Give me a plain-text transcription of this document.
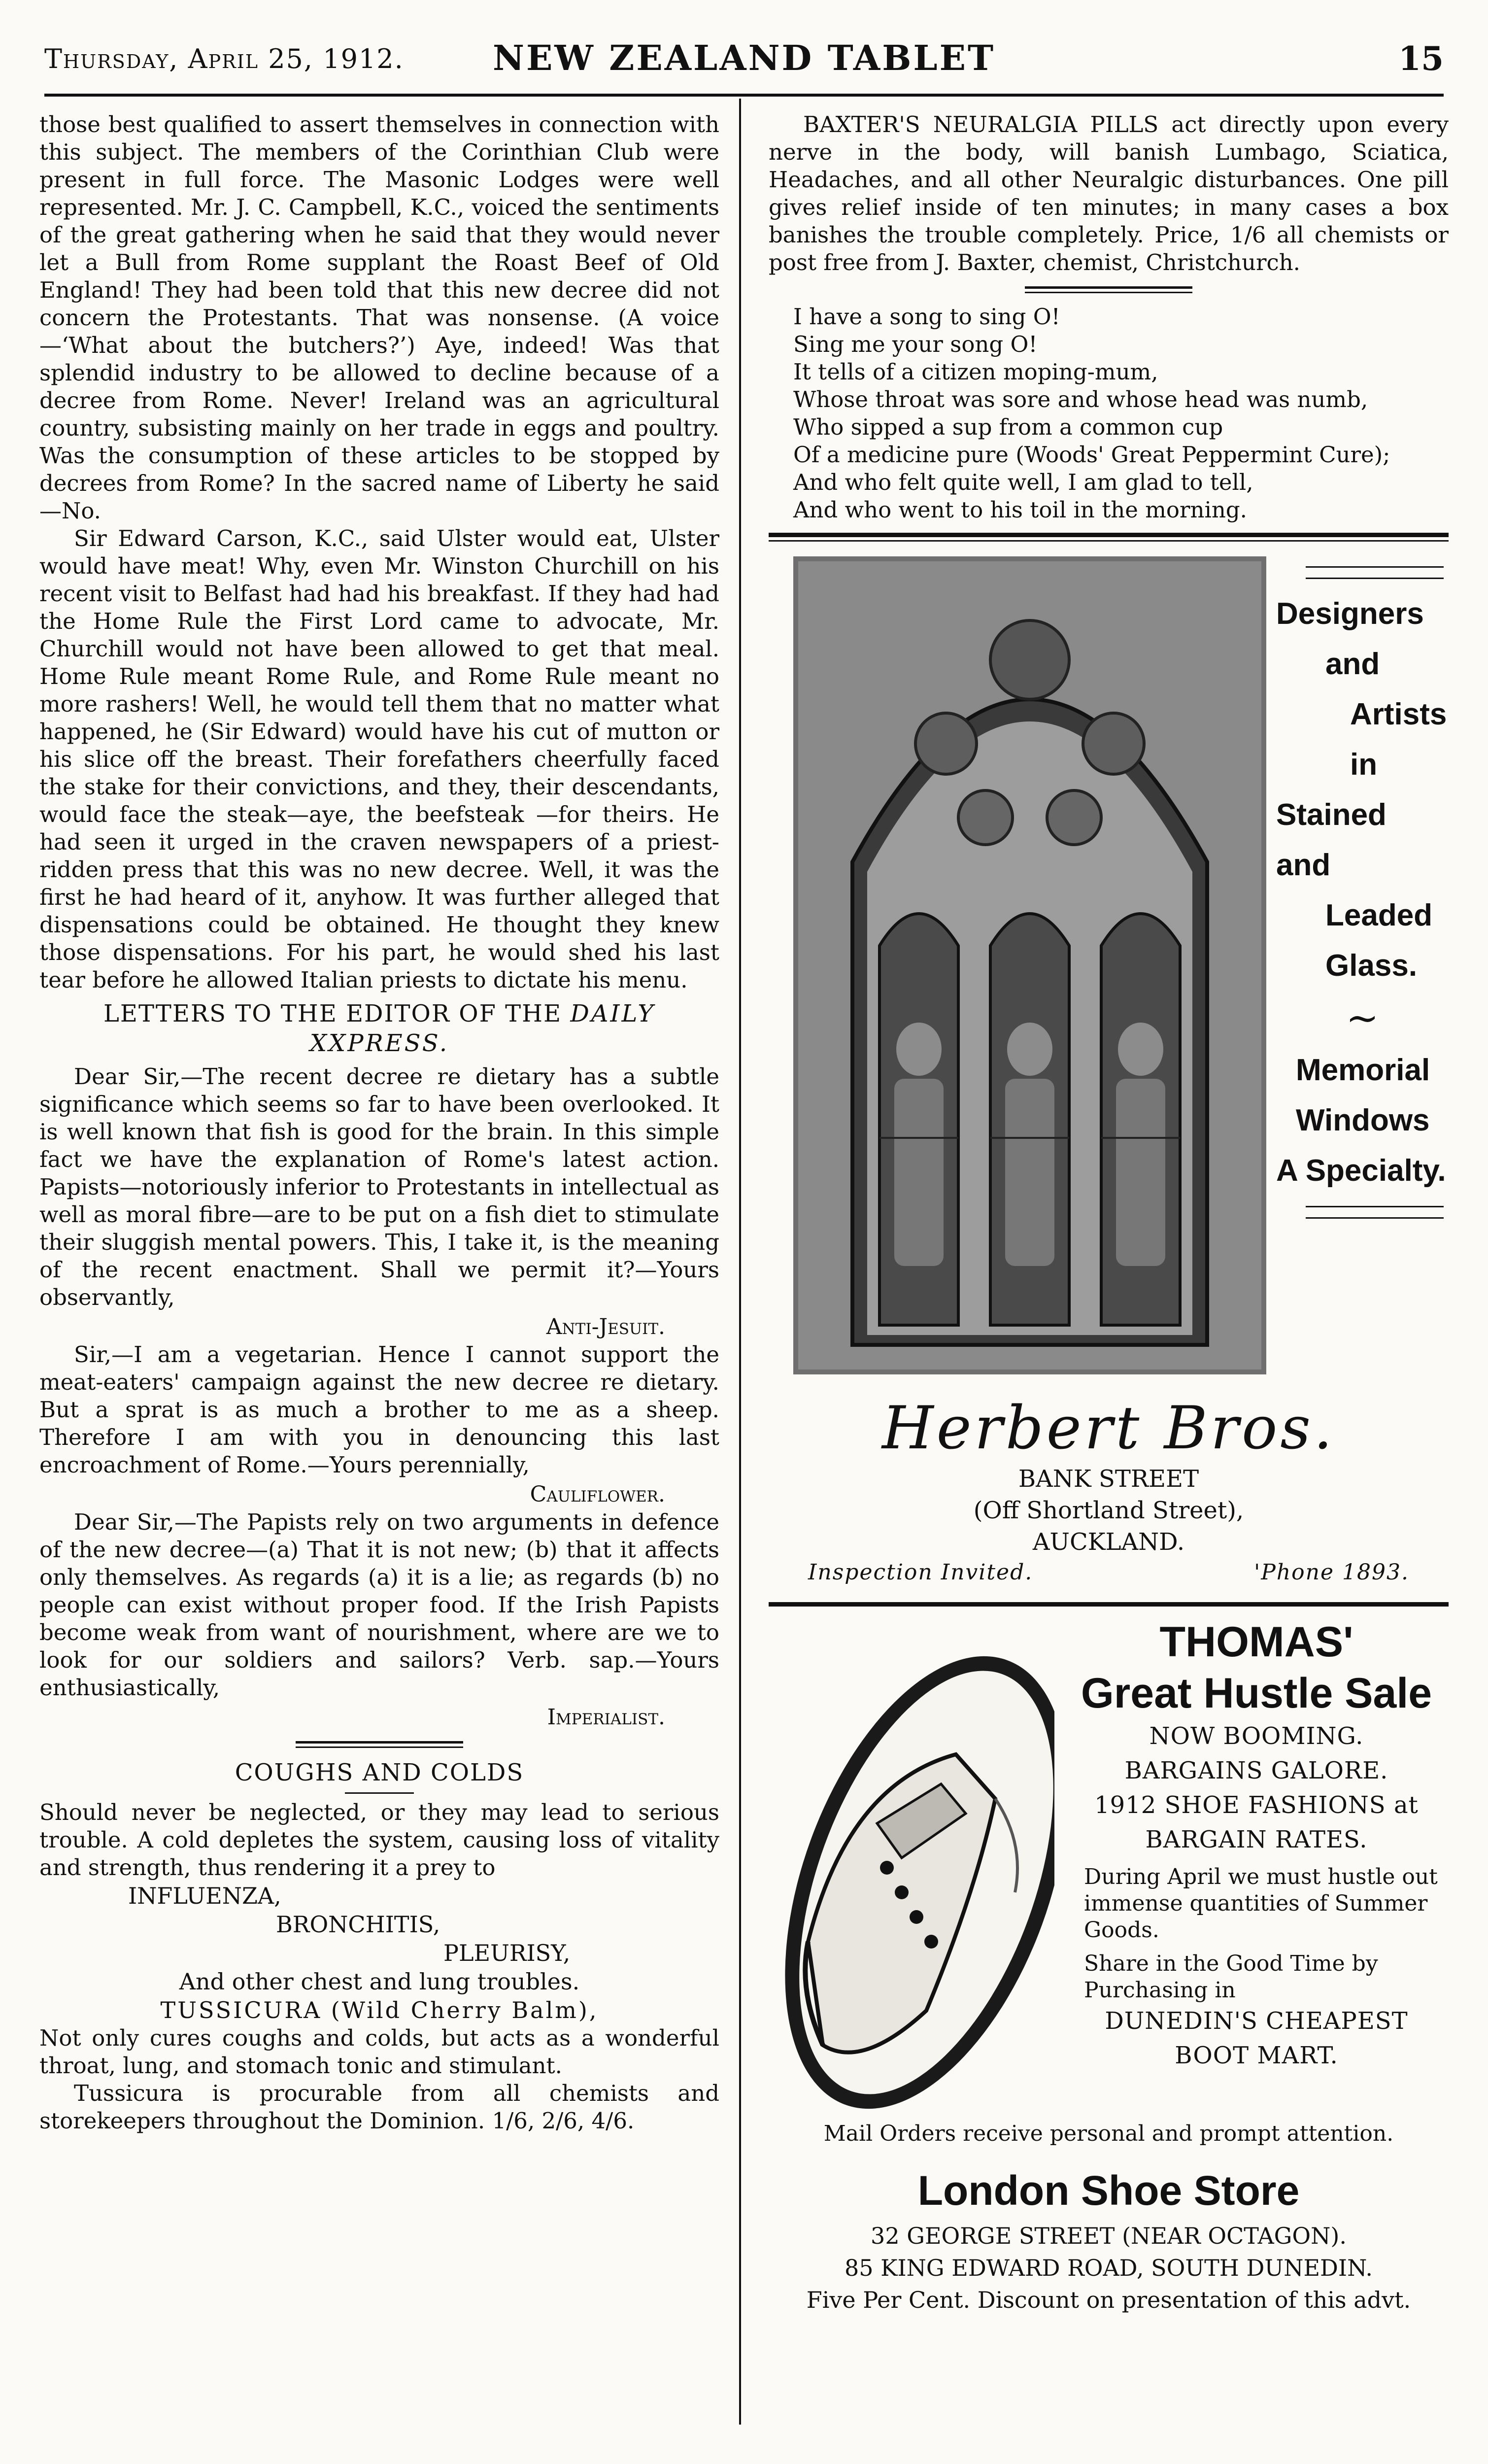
Thursday, April 25, 1912.	NEW ZEALAND TABLET	15

those best qualified to assert themselves in connection with this subject. The members of the Corinthian Club were present in full force. The Masonic Lodges were well represented. Mr. J. C. Campbell, K.C., voiced the sentiments of the great gathering when he said that they would never let a Bull from Rome supplant the Roast Beef of Old England! They had been told that this new decree did not concern the Protestants. That was nonsense. (A voice—‘What about the butchers?’) Aye, indeed! Was that splendid industry to be allowed to decline because of a decree from Rome. Never! Ireland was an agricultural country, subsisting mainly on her trade in eggs and poultry. Was the consumption of these articles to be stopped by decrees from Rome? In the sacred name of Liberty he said—No.

Sir Edward Carson, K.C., said Ulster would eat, Ulster would have meat! Why, even Mr. Winston Churchill on his recent visit to Belfast had had his breakfast. If they had had the Home Rule the First Lord came to advocate, Mr. Churchill would not have been allowed to get that meal. Home Rule meant Rome Rule, and Rome Rule meant no more rashers! Well, he would tell them that no matter what happened, he (Sir Edward) would have his cut of mutton or his slice off the breast. Their forefathers cheerfully faced the stake for their convictions, and they, their descendants, would face the steak—aye, the beefsteak —for theirs. He had seen it urged in the craven newspapers of a priest-ridden press that this was no new decree. Well, it was the first he had heard of it, anyhow. It was further alleged that dispensations could be obtained. He thought they knew those dispensations. For his part, he would shed his last tear before he allowed Italian priests to dictate his menu.

LETTERS TO THE EDITOR OF THE DAILY XXPRESS.

Dear Sir,—The recent decree re dietary has a subtle significance which seems so far to have been overlooked. It is well known that fish is good for the brain. In this simple fact we have the explanation of Rome's latest action. Papists—notoriously inferior to Protestants in intellectual as well as moral fibre—are to be put on a fish diet to stimulate their sluggish mental powers. This, I take it, is the meaning of the recent enactment. Shall we permit it?—Yours observantly,

Anti-Jesuit.

Sir,—I am a vegetarian. Hence I cannot support the meat-eaters' campaign against the new decree re dietary. But a sprat is as much a brother to me as a sheep. Therefore I am with you in denouncing this last encroachment of Rome.—Yours perennially,

Cauliflower.

Dear Sir,—The Papists rely on two arguments in defence of the new decree—(a) That it is not new; (b) that it affects only themselves. As regards (a) it is a lie; as regards (b) no people can exist without proper food. If the Irish Papists become weak from want of nourishment, where are we to look for our soldiers and sailors? Verb. sap.—Yours enthusiastically,

Imperialist.

COUGHS AND COLDS

Should never be neglected, or they may lead to serious trouble. A cold depletes the system, causing loss of vitality and strength, thus rendering it a prey to

INFLUENZA,
BRONCHITIS,
PLEURISY,
And other chest and lung troubles.
TUSSICURA (Wild Cherry Balm),

Not only cures coughs and colds, but acts as a wonderful throat, lung, and stomach tonic and stimulant.

Tussicura is procurable from all chemists and storekeepers throughout the Dominion. 1/6, 2/6, 4/6.

BAXTER'S NEURALGIA PILLS act directly upon every nerve in the body, will banish Lumbago, Sciatica, Headaches, and all other Neuralgic disturbances. One pill gives relief inside of ten minutes; in many cases a box banishes the trouble completely. Price, 1/6 all chemists or post free from J. Baxter, chemist, Christchurch.

I have a song to sing O!
Sing me your song O!
It tells of a citizen moping-mum,
Whose throat was sore and whose head was numb,
Who sipped a sup from a common cup
Of a medicine pure (Woods' Great Peppermint Cure);
And who felt quite well, I am glad to tell,
And who went to his toil in the morning.
Designers
and
Artists
in
Stained and
Leaded
Glass.
~
Memorial
Windows
A Specialty.
Herbert Bros.
BANK STREET
(Off Shortland Street),
AUCKLAND.
Inspection Invited.	'Phone 1893.
THOMAS'
Great Hustle Sale
NOW BOOMING.
BARGAINS GALORE.
1912 SHOE FASHIONS at
BARGAIN RATES.
During April we must hustle out immense quantities of Summer Goods.
Share in the Good Time by Purchasing in
DUNEDIN'S CHEAPEST
BOOT MART.
Mail Orders receive personal and prompt attention.
London Shoe Store
32 GEORGE STREET (NEAR OCTAGON).
85 KING EDWARD ROAD, SOUTH DUNEDIN.
Five Per Cent. Discount on presentation of this advt.
